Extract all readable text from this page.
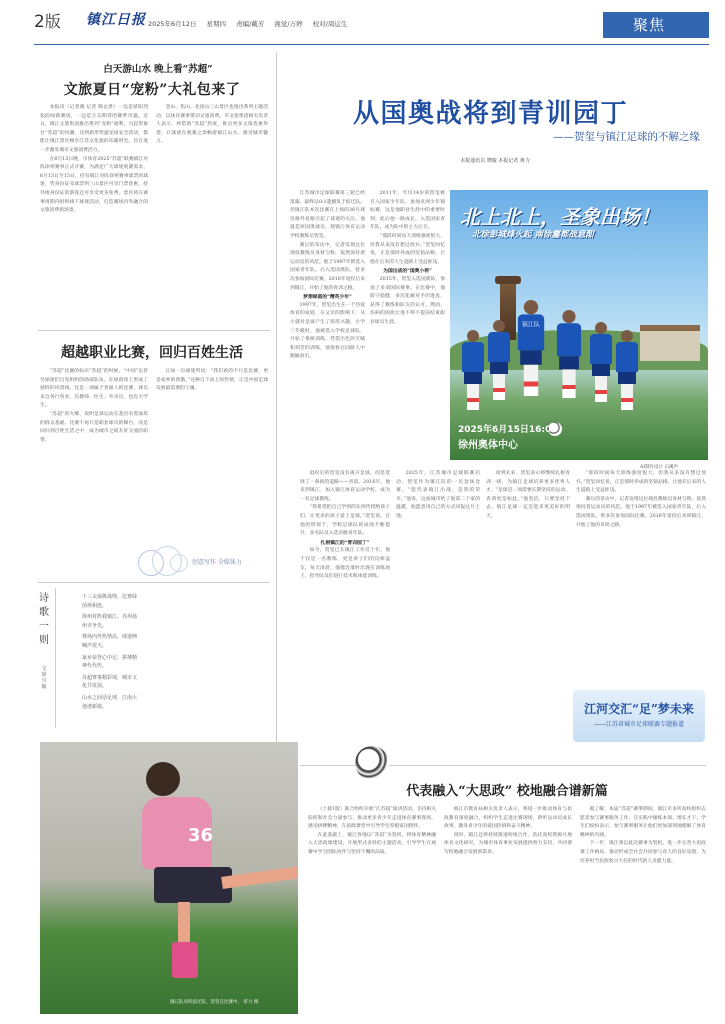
2版 镇江日报 2025年6月12日 星期四 责编/戴芳 视觉/万婷 校对/周运生	聚焦
白天游山水 晚上看“苏超”
文旅夏日“宠粉”大礼包来了

本报讯（记者谢 记者 陶企泄）一边是骄阳烈焰的绿荫赛场，一边是万众期待的赛季奇遇。近日，镇江文旅集团推出系列“宠粉”福利，兴起形象台“苏超”的风潮，达到新形势盛宠场安全活动，都能让镇江景区畅享江苏文化旅的乐趣时光。旨在进一步激发城市文旅消费活力。

在6月15日晚，市体育2025“苏超”联赛镇江对阵徐州赛事正式开赛，为满足广大球迷观赛需求，6月13日至15日，持有镇江对阵徐州赛事球票的球迷，凭身份证及球票到三山景区可享门票优惠，持外地身份证的游客还可享受更多免费。景区将在赛事周期内组织线下球迷活动，打造赛场内外融合的文旅消费新场景。

金山、焦山、北固山三山景区也推出系列主题活动，以体育赛事带动文旅消费。市文旅集团相关负责人表示，将借助“苏超”热度，推出更多文旅优惠举措，让球迷在观赛之余畅游镇江山水，感受城市魅力。

超越职业比赛，回归百姓生活

“苏超”比赛的标识“苏超”的时候，“中国”以甚至球迷们自发组织的助威队伍，在绿茵场上形成了独特的风景线。这是一项属于普通人的比赛，球员来自各行各业，有教师、医生、外卖员，也有大学生。

“苏超”的火爆，说明足球运动在基层有着深厚的群众基础。比赛不再只是职业球员的舞台，而是回归到百姓生活之中，成为城市之间友好交流的纽带。

正如一位球迷所说：“我们看的不只是比赛，更是家乡的骄傲。”这种自下而上的热情，正是中国足球发展最需要的土壤。

创意写作 全媒体力
诗歌一则
文 徐 兴 翰

十三太保挑战帅，比赛绿茵场相连。

徐州对阵我镇江，苏州扬州齐争先。

赛场内外热情高，球迷呐喊声震天。

家乡荣誉心中记，拼搏精神代代传。

苏超赛事精彩现，城市文化共发展。

山水之间话足球，江南大地谱新篇。

从国奥战将到青训园丁
——贺玺与镇江足球的不解之缘
本报通讯员 晓璇 本报记者 蒋力

江苏城市足球联赛第三轮已经落幕，最终以0:1遗憾负于宿迁队。但镇江队本次比赛在上场的36号球员格外显眼引起了球迷的关注。他就是原国奥球员、现镇江体育运动学校教练员贺玺。

赛后的采访中，记者发现这位现役教练员身材匀称，依然保持着运动员的风范。他于1997年被选入国家青年队，后入选国奥队，曾多次参加国际比赛。2016年退役后来到镇江，开始了他的青训之路。

梦想绿茵的“精英少年”

1997年，贺玺出生在一个热爱体育的家庭，在父亲的影响下，从小就对足球产生了浓厚兴趣。小学三年级时，他被选入学校足球队，开始了系统训练。凭借出色的天赋和刻苦的训练，他很快在同龄人中脱颖而出。

2011年，年仅14岁的贺玺被召入国家少年队，参加亚洲少年锦标赛，这是他职业生涯中的重要时刻。此后他一路成长，入选国家青年队，成为队中的主力后卫。

“那段时间每天训练强度很大，但我从来没有想过放弃。”贺玺回忆说，正是那时养成的坚韧品格，让他在后来的人生道路上受益匪浅。

为国出战的“国奥小将”

2015年，贺玺入选国奥队，参加了多项国际赛事。在比赛中，他防守稳健，多次化解对手的进攻，获得了教练和队友的认可。然而，伤病的困扰让他不得不提前结束职业球员生涯。

北上北上，圣象出场！
北徐彭城烽火起 南徐鏖都战意酣
镇江队
2025年6月15日16:00
徐州奥体中心
AI制作设计 石溪声

退役后的贺玺没有离开足球，而是选择了一条新的道路——青训。2016年，他来到镇江，加入镇江体育运动学校，成为一名足球教练。

“我希望把自己学到的东西传授给孩子们，让更多的孩子爱上足球。”贺玺说。在他的带领下，学校足球队的成绩不断提升，多名队员入选省级青年队。

扎根镇江的“青训园丁”

如今，贺玺已在镇江工作近十年。他不仅是一名教练，更是孩子们的良师益友。每天清晨，他都会准时出现在训练场上，指导队员们进行技术和体能训练。

2025年，江苏城市足球联赛启动，贺玺作为镇江队的一员登场比赛。“能代表镇江出战，是我的荣幸。”他说，这座城市给了他第二个家的温暖，他愿意用自己的方式回报这片土地。

谈到未来，贺玺表示将继续扎根青训一线，为镇江足球培养更多优秀人才。“足球是一项需要长期坚持的运动，青训更是如此。”他坚信，只要坚持下去，镇江足球一定会迎来更美好的明天。

“那段时间每天训练强度很大，但我从来没有想过放弃。”贺玺回忆说，正是那时养成的坚韧品格，让他在后来的人生道路上受益匪浅。

赛后的采访中，记者发现这位现役教练员身材匀称，依然保持着运动员的风范。他于1997年被选入国家青年队，后入选国奥队，曾多次参加国际比赛。2016年退役后来到镇江，开始了他的青训之路。

江河交汇“足”梦未来
——江苏省城市足球联赛专题报道
36
镇江队对阵宿迁队，贺玺在比赛中。 蒋力 摄
代表融入“大思政” 校地融合谱新篇

（上接1版）联合组织开展“江苏超”演讲活动，支持相关院校和社会力量参与，推动更多青少年走进体育赛事现场，感受拼搏精神，在思政课堂中引导学生厚植家国情怀。

在此基础上，镇江各地以“苏超”为契机，将体育精神融入大思政课建设，开展形式多样的主题活动，引导学生在观赛中学习团队协作与坚持不懈的品质。

镇江市教育局相关负责人表示，将进一步推动体育与思政教育深度融合，组织学生走进比赛现场，聆听运动员成长故事，激发青少年的爱国热情和奋斗精神。

同时，镇江还将持续推进校地合作，依托高校资源开展体育文化研究，为城市体育事业发展提供智力支持，共同谱写校地融合发展新篇章。

据了解，本届“苏超”赛事期间，镇江市多所高校组织志愿者参与赛事服务工作，在实践中锤炼本领、增长才干。学生们纷纷表示，参与赛事服务让他们更加深刻地理解了体育精神的内涵。

下一步，镇江将以此次赛事为契机，进一步完善大思政课工作格局，推动形成全社会共同参与育人的良好氛围，为培养担当民族复兴大任的时代新人贡献力量。
